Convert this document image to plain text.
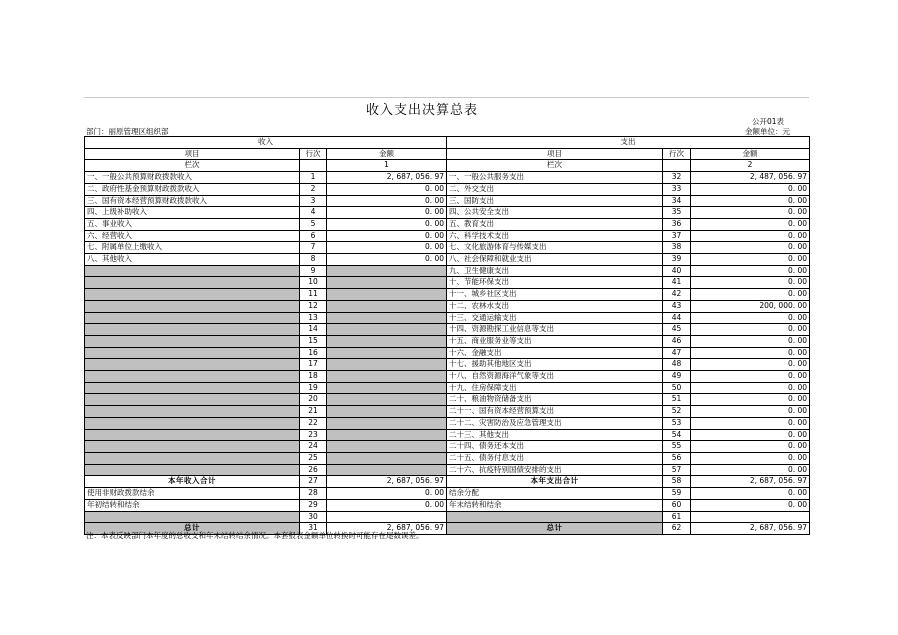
收入支出决算总表
公开01表
部门：丽原管理区组织部	金额单位：元
收入			支出		
项目	行次	金额	项目	行次	金额
栏次		1	栏次		2
一、一般公共预算财政拨款收入	1	2, 687, 056. 97	一、一般公共服务支出	32	2, 487, 056. 97
二、政府性基金预算财政拨款收入	2	0. 00	二、外交支出	33	0. 00
三、国有资本经营预算财政拨款收入	3	0. 00	三、国防支出	34	0. 00
四、上级补助收入	4	0. 00	四、公共安全支出	35	0. 00
五、事业收入	5	0. 00	五、教育支出	36	0. 00
六、经营收入	6	0. 00	六、科学技术支出	37	0. 00
七、附属单位上缴收入	7	0. 00	七、文化旅游体育与传媒支出	38	0. 00
八、其他收入	8	0. 00	八、社会保障和就业支出	39	0. 00
	9		九、卫生健康支出	40	0. 00
	10		十、节能环保支出	41	0. 00
	11		十一、城乡社区支出	42	0. 00
	12		十二、农林水支出	43	200, 000. 00
	13		十三、交通运输支出	44	0. 00
	14		十四、资源勘探工业信息等支出	45	0. 00
	15		十五、商业服务业等支出	46	0. 00
	16		十六、金融支出	47	0. 00
	17		十七、援助其他地区支出	48	0. 00
	18		十八、自然资源海洋气象等支出	49	0. 00
	19		十九、住房保障支出	50	0. 00
	20		二十、粮油物资储备支出	51	0. 00
	21		二十一、国有资本经营预算支出	52	0. 00
	22		二十二、灾害防治及应急管理支出	53	0. 00
	23		二十三、其他支出	54	0. 00
	24		二十四、债务还本支出	55	0. 00
	25		二十五、债务付息支出	56	0. 00
	26		二十六、抗疫特别国债安排的支出	57	0. 00
本年收入合计	27	2, 687, 056. 97	本年支出合计	58	2, 687, 056. 97
使用非财政拨款结余	28	0. 00	结余分配	59	0. 00
年初结转和结余	29	0. 00	年末结转和结余	60	0. 00
	30			61	
总计	31	2, 687, 056. 97	总计	62	2, 687, 056. 97
注：本表反映部门本年度的总收支和年末结转结余情况。本套报表金额单位转换时可能存在尾数误差。
